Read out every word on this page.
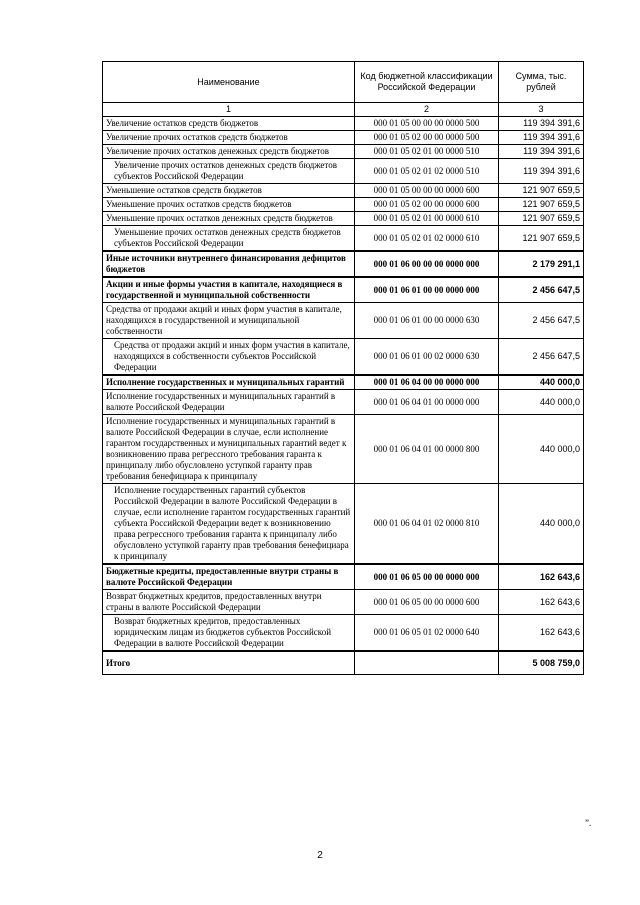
Наименование	Код бюджетной классификации Российской Федерации	Сумма, тыс. рублей
1	2	3
Увеличение остатков средств бюджетов	000 01 05 00 00 00 0000 500	119 394 391,6
Увеличение прочих остатков средств бюджетов	000 01 05 02 00 00 0000 500	119 394 391,6
Увеличение прочих остатков денежных средств бюджетов	000 01 05 02 01 00 0000 510	119 394 391,6
Увеличение прочих остатков денежных средств бюджетов субъектов Российской Федерации	000 01 05 02 01 02 0000 510	119 394 391,6
Уменьшение остатков средств бюджетов	000 01 05 00 00 00 0000 600	121 907 659,5
Уменьшение прочих остатков средств бюджетов	000 01 05 02 00 00 0000 600	121 907 659,5
Уменьшение прочих остатков денежных средств бюджетов	000 01 05 02 01 00 0000 610	121 907 659,5
Уменьшение прочих остатков денежных средств бюджетов субъектов Российской Федерации	000 01 05 02 01 02 0000 610	121 907 659,5
Иные источники внутреннего финансирования дефицитов бюджетов	000 01 06 00 00 00 0000 000	2 179 291,1
Акции и иные формы участия в капитале, находящиеся в государственной и муниципальной собственности	000 01 06 01 00 00 0000 000	2 456 647,5
Средства от продажи акций и иных форм участия в капитале, находящихся в государственной и муниципальной собственности	000 01 06 01 00 00 0000 630	2 456 647,5
Средства от продажи акций и иных форм участия в капитале, находящихся в собственности субъектов Российской Федерации	000 01 06 01 00 02 0000 630	2 456 647,5
Исполнение государственных и муниципальных гарантий	000 01 06 04 00 00 0000 000	440 000,0
Исполнение государственных и муниципальных гарантий в валюте Российской Федерации	000 01 06 04 01 00 0000 000	440 000,0
Исполнение государственных и муниципальных гарантий в валюте Российской Федерации в случае, если исполнение гарантом государственных и муниципальных гарантий ведет к возникновению права регрессного требования гаранта к принципалу либо обусловлено уступкой гаранту прав требования бенефициара к принципалу	000 01 06 04 01 00 0000 800	440 000,0
Исполнение государственных гарантий субъектов Российской Федерации в валюте Российской Федерации в случае, если исполнение гарантом государственных гарантий субъекта Российской Федерации ведет к возникновению права регрессного требования гаранта к принципалу либо обусловлено уступкой гаранту прав требования бенефициара к принципалу	000 01 06 04 01 02 0000 810	440 000,0
Бюджетные кредиты, предоставленные внутри страны в валюте Российской Федерации	000 01 06 05 00 00 0000 000	162 643,6
Возврат бюджетных кредитов, предоставленных внутри страны в валюте Российской Федерации	000 01 06 05 00 00 0000 600	162 643,6
Возврат бюджетных кредитов, предоставленных юридическим лицам из бюджетов субъектов Российской Федерации в валюте Российской Федерации	000 01 06 05 01 02 0000 640	162 643,6
Итого		5 008 759,0
”.
2
